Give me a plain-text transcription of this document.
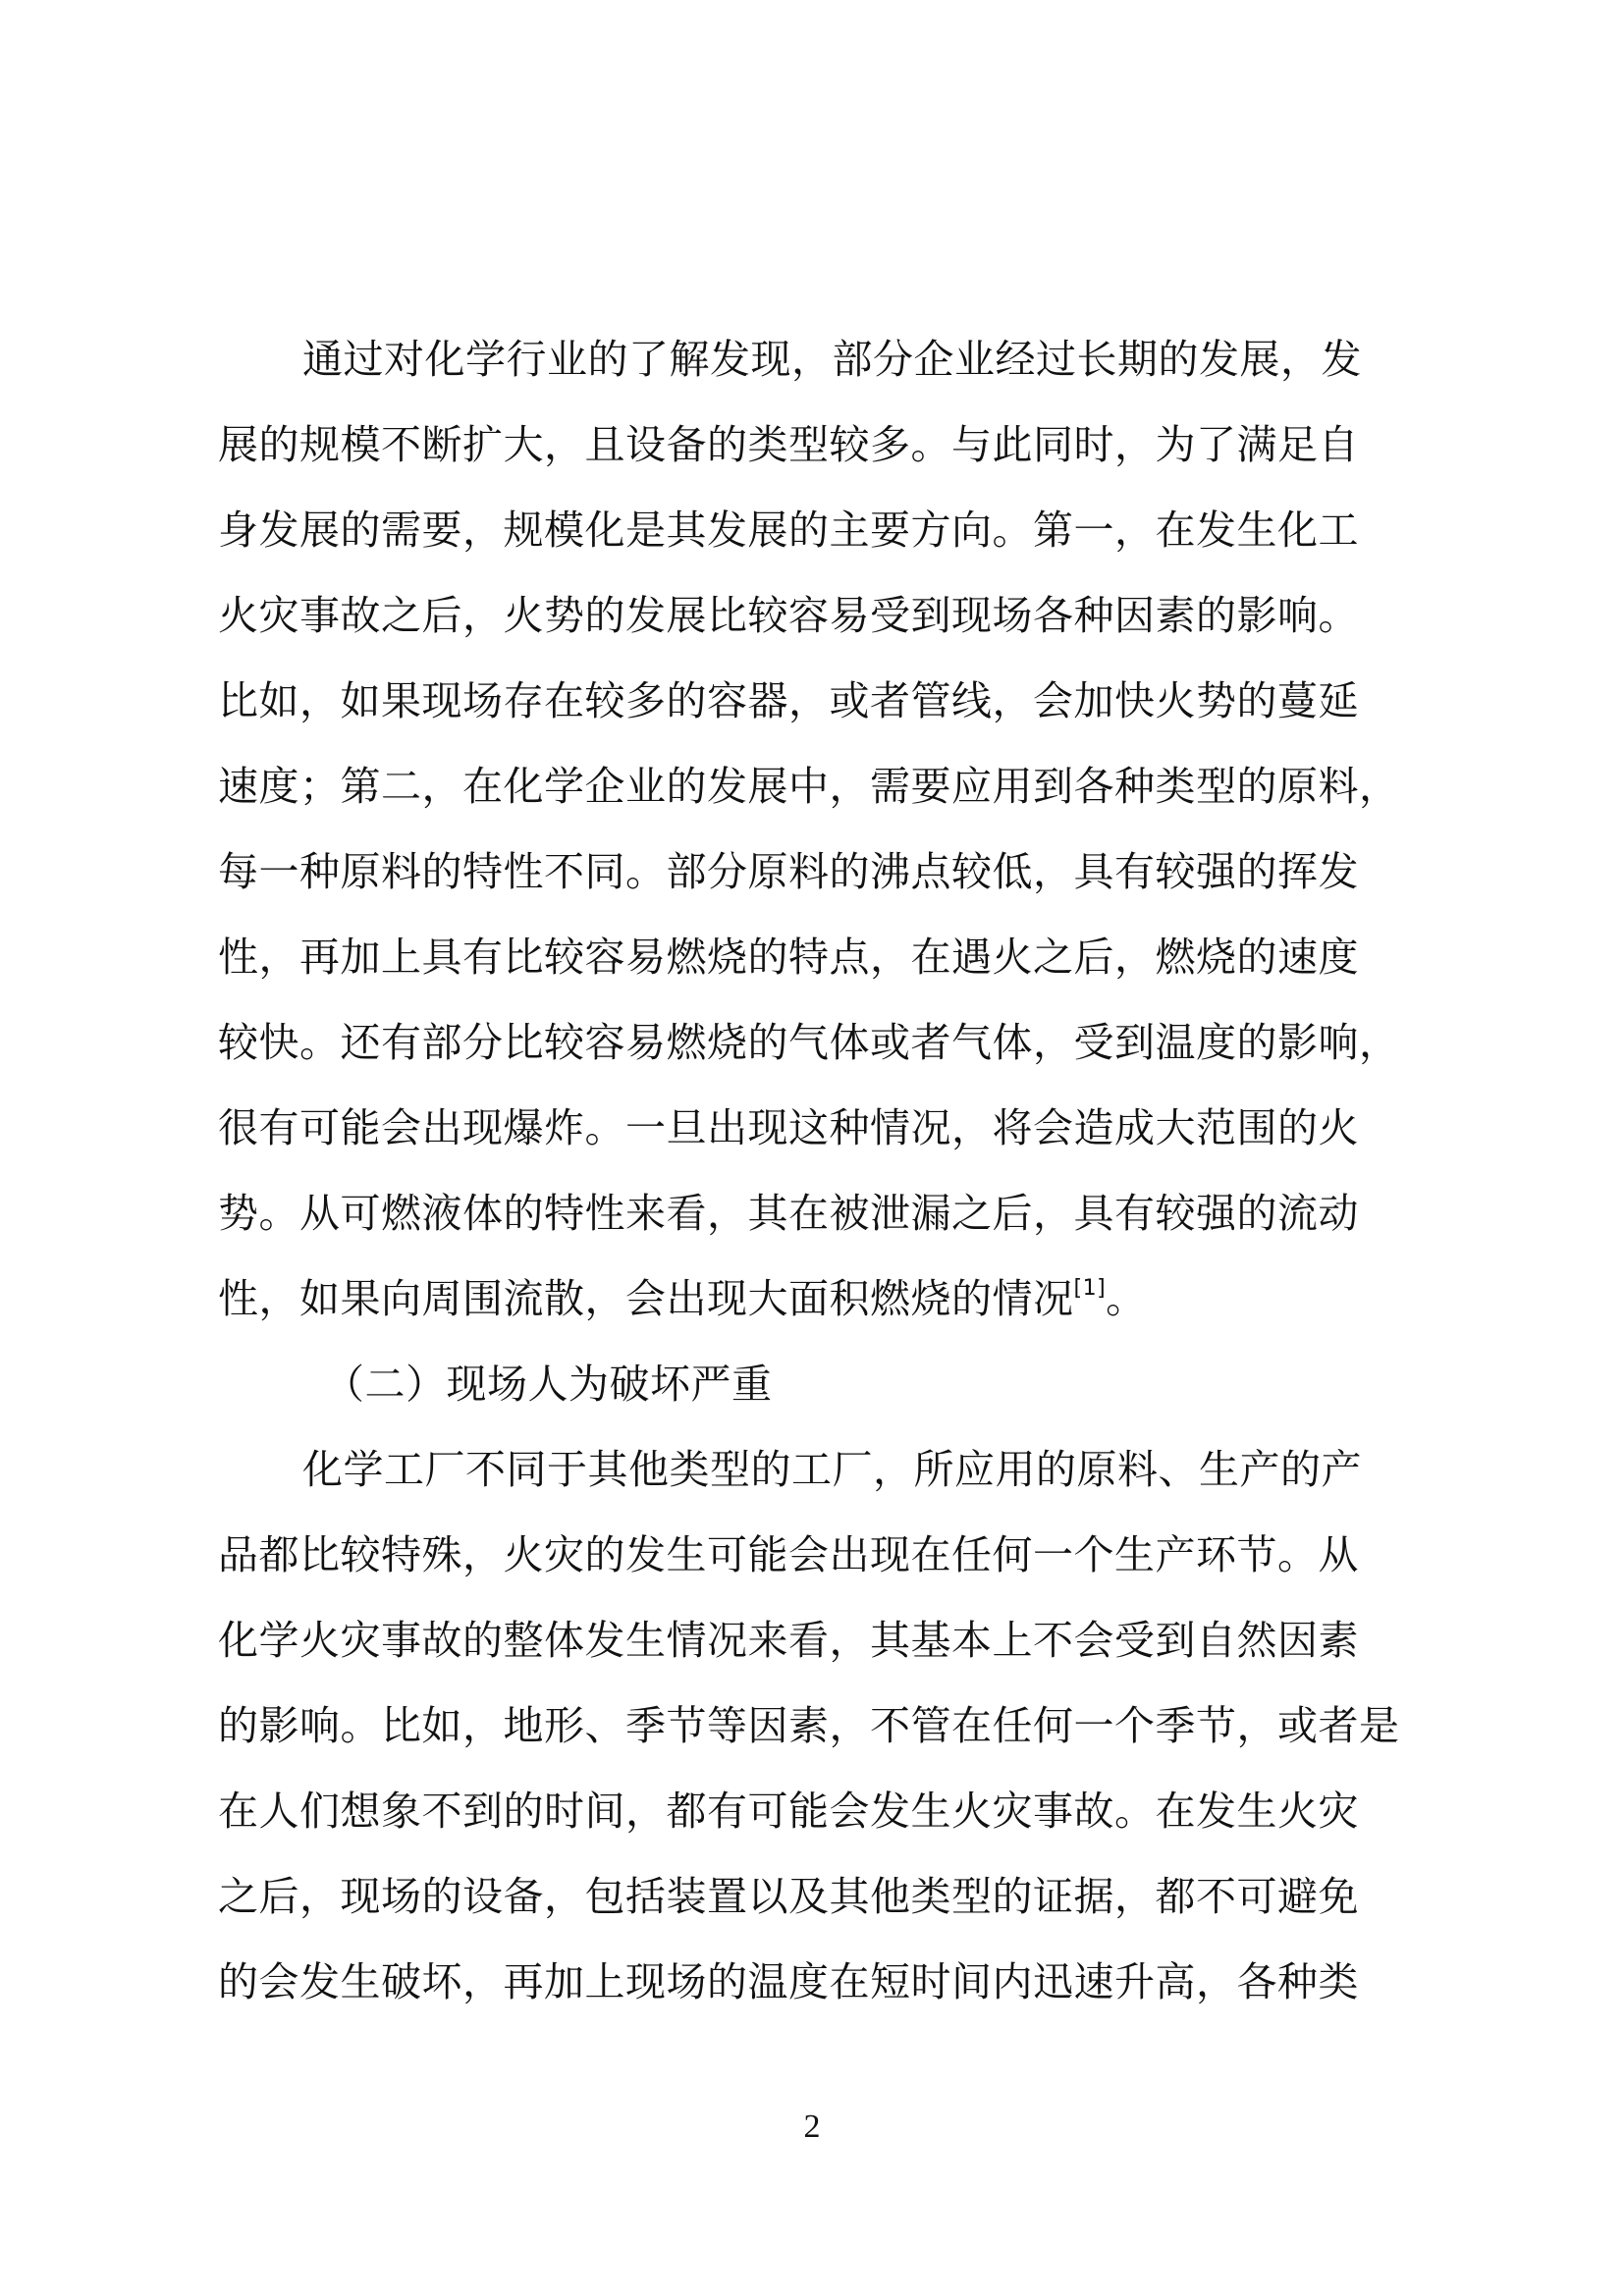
通过对化学行业的了解发现，部分企业经过长期的发展，发
展的规模不断扩大，且设备的类型较多。与此同时，为了满足自
身发展的需要，规模化是其发展的主要方向。第一，在发生化工
火灾事故之后，火势的发展比较容易受到现场各种因素的影响。
比如，如果现场存在较多的容器，或者管线，会加快火势的蔓延
速度；第二，在化学企业的发展中，需要应用到各种类型的原料，
每一种原料的特性不同。部分原料的沸点较低，具有较强的挥发
性，再加上具有比较容易燃烧的特点，在遇火之后，燃烧的速度
较快。还有部分比较容易燃烧的气体或者气体，受到温度的影响，
很有可能会出现爆炸。一旦出现这种情况，将会造成大范围的火
势。从可燃液体的特性来看，其在被泄漏之后，具有较强的流动
性，如果向周围流散，会出现大面积燃烧的情况[1]。
（二）现场人为破坏严重
化学工厂不同于其他类型的工厂，所应用的原料、生产的产
品都比较特殊，火灾的发生可能会出现在任何一个生产环节。从
化学火灾事故的整体发生情况来看，其基本上不会受到自然因素
的影响。比如，地形、季节等因素，不管在任何一个季节，或者是
在人们想象不到的时间，都有可能会发生火灾事故。在发生火灾
之后，现场的设备，包括装置以及其他类型的证据，都不可避免
的会发生破坏，再加上现场的温度在短时间内迅速升高，各种类
2
